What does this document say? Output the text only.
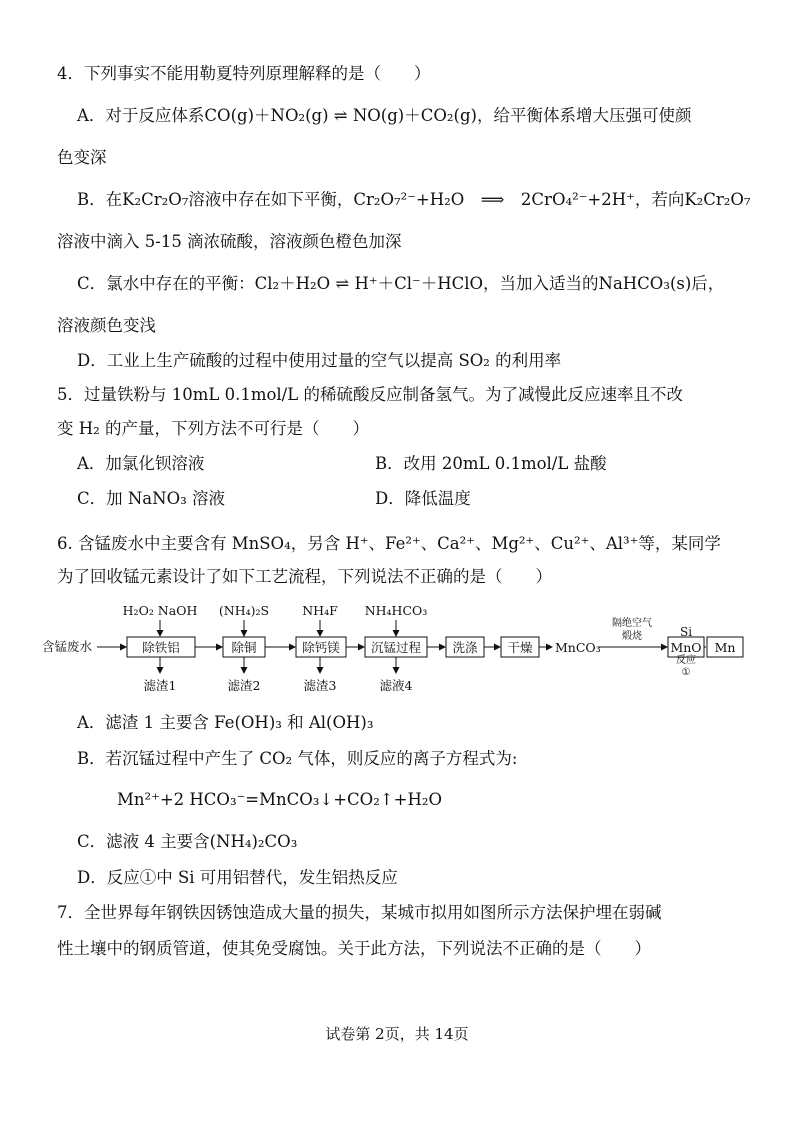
4．下列事实不能用勒夏特列原理解释的是（　　）
A．对于反应体系CO(g)＋NO₂(g) ⇌ NO(g)＋CO₂(g)，给平衡体系增大压强可使颜
色变深
B．在K₂Cr₂O₇溶液中存在如下平衡，Cr₂O₇²⁻+H₂O　⟹　2CrO₄²⁻+2H⁺，若向K₂Cr₂O₇
溶液中滴入 5-15 滴浓硫酸，溶液颜色橙色加深
C．氯水中存在的平衡：Cl₂＋H₂O ⇌ H⁺＋Cl⁻＋HClO，当加入适当的NaHCO₃(s)后，
溶液颜色变浅
D．工业上生产硫酸的过程中使用过量的空气以提高 SO₂ 的利用率
5．过量铁粉与 10mL 0.1mol/L 的稀硫酸反应制备氢气。为了减慢此反应速率且不改
变 H₂ 的产量，下列方法不可行是（　　）
A．加氯化钡溶液	B．改用 20mL 0.1mol/L 盐酸
C．加 NaNO₃ 溶液	D．降低温度
6. 含锰废水中主要含有 MnSO₄，另含 H⁺、Fe²⁺、Ca²⁺、Mg²⁺、Cu²⁺、Al³⁺等，某同学
为了回收锰元素设计了如下工艺流程，下列说法不正确的是（　　）
含锰废水	除铁铝	除铜	除钙镁 沉锰过程	洗涤 干燥	MnO Mn
MnCO₃
H₂O₂ NaOH (NH₄)₂S	NH₄F NH₄HCO₃
滤渣1	滤渣2	滤渣3	滤液4
隔绝空气
煅烧
反应
①
Si
A．滤渣 1 主要含 Fe(OH)₃ 和 Al(OH)₃
B．若沉锰过程中产生了 CO₂ 气体，则反应的离子方程式为:
Mn²⁺+2 HCO₃⁻=MnCO₃↓+CO₂↑+H₂O
C．滤液 4 主要含(NH₄)₂CO₃
D．反应①中 Si 可用铝替代，发生铝热反应
7．全世界每年钢铁因锈蚀造成大量的损失，某城市拟用如图所示方法保护埋在弱碱
性土壤中的钢质管道，使其免受腐蚀。关于此方法，下列说法不正确的是（　　）
试卷第 2页，共 14页
